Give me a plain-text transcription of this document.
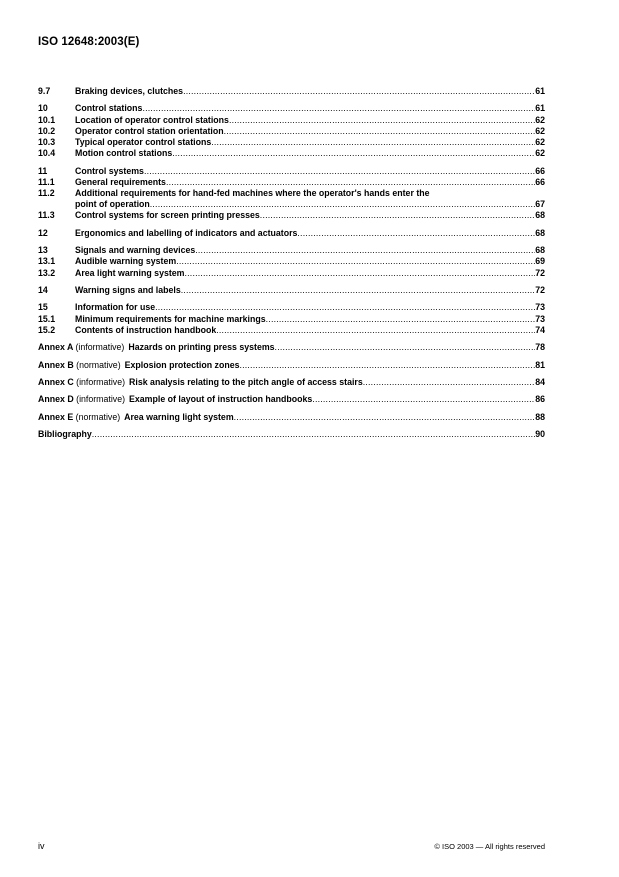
ISO 12648:2003(E)
9.7	Braking devices, clutches .....	61
10	Control stations .....	61
10.1	Location of operator control stations .....	62
10.2	Operator control station orientation .....	62
10.3	Typical operator control stations .....	62
10.4	Motion control stations .....	62
11	Control systems .....	66
11.1	General requirements .....	66
11.2	Additional requirements for hand-fed machines where the operator's hands enter the
point of operation .....	67
11.3	Control systems for screen printing presses .....	68
12	Ergonomics and labelling of indicators and actuators .....	68
13	Signals and warning devices .....	68
13.1	Audible warning system .....	69
13.2	Area light warning system .....	72
14	Warning signs and labels .....	72
15	Information for use .....	73
15.1	Minimum requirements for machine markings .....	73
15.2	Contents of instruction handbook .....	74
Annex A (informative) Hazards on printing press systems .....	78
Annex B (normative) Explosion protection zones .....	81
Annex C (informative) Risk analysis relating to the pitch angle of access stairs .....	84
Annex D (informative) Example of layout of instruction handbooks .....	86
Annex E (normative) Area warning light system .....	88
Bibliography .....	90
iv	© ISO 2003 — All rights reserved
